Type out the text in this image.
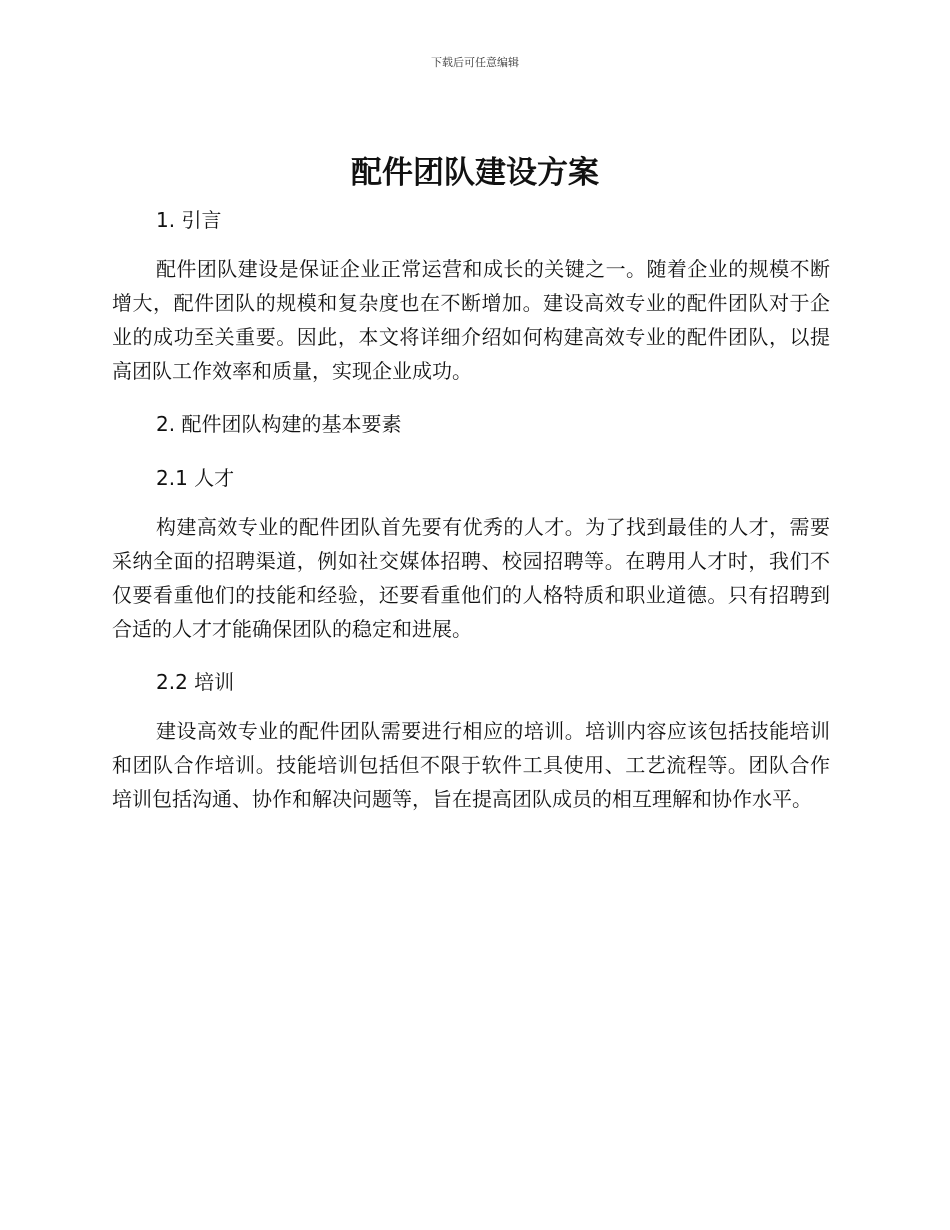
下载后可任意编辑
配件团队建设方案
1. 引言

配件团队建设是保证企业正常运营和成长的关键之一。随着企业的规模不断增大，配件团队的规模和复杂度也在不断增加。建设高效专业的配件团队对于企业的成功至关重要。因此，本文将详细介绍如何构建高效专业的配件团队，以提高团队工作效率和质量，实现企业成功。

2. 配件团队构建的基本要素
2.1 人才

构建高效专业的配件团队首先要有优秀的人才。为了找到最佳的人才，需要采纳全面的招聘渠道，例如社交媒体招聘、校园招聘等。在聘用人才时，我们不仅要看重他们的技能和经验，还要看重他们的人格特质和职业道德。只有招聘到合适的人才才能确保团队的稳定和进展。

2.2 培训

建设高效专业的配件团队需要进行相应的培训。培训内容应该包括技能培训和团队合作培训。技能培训包括但不限于软件工具使用、工艺流程等。团队合作培训包括沟通、协作和解决问题等，旨在提高团队成员的相互理解和协作水平。
